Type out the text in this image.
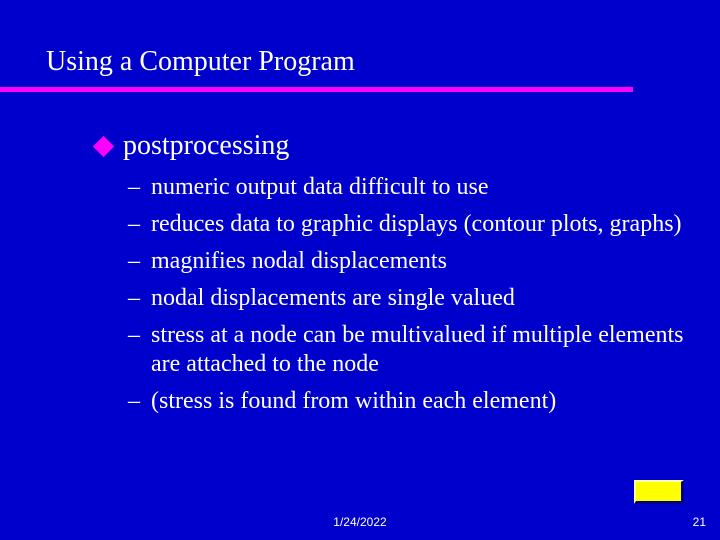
Using a Computer Program
postprocessing
– numeric output data difficult to use
– reduces data to graphic displays (contour plots, graphs)
– magnifies nodal displacements
– nodal displacements are single valued
– stress at a node can be multivalued if multiple elements are attached to the node
– (stress is found from within each element)
1/24/2022	21
